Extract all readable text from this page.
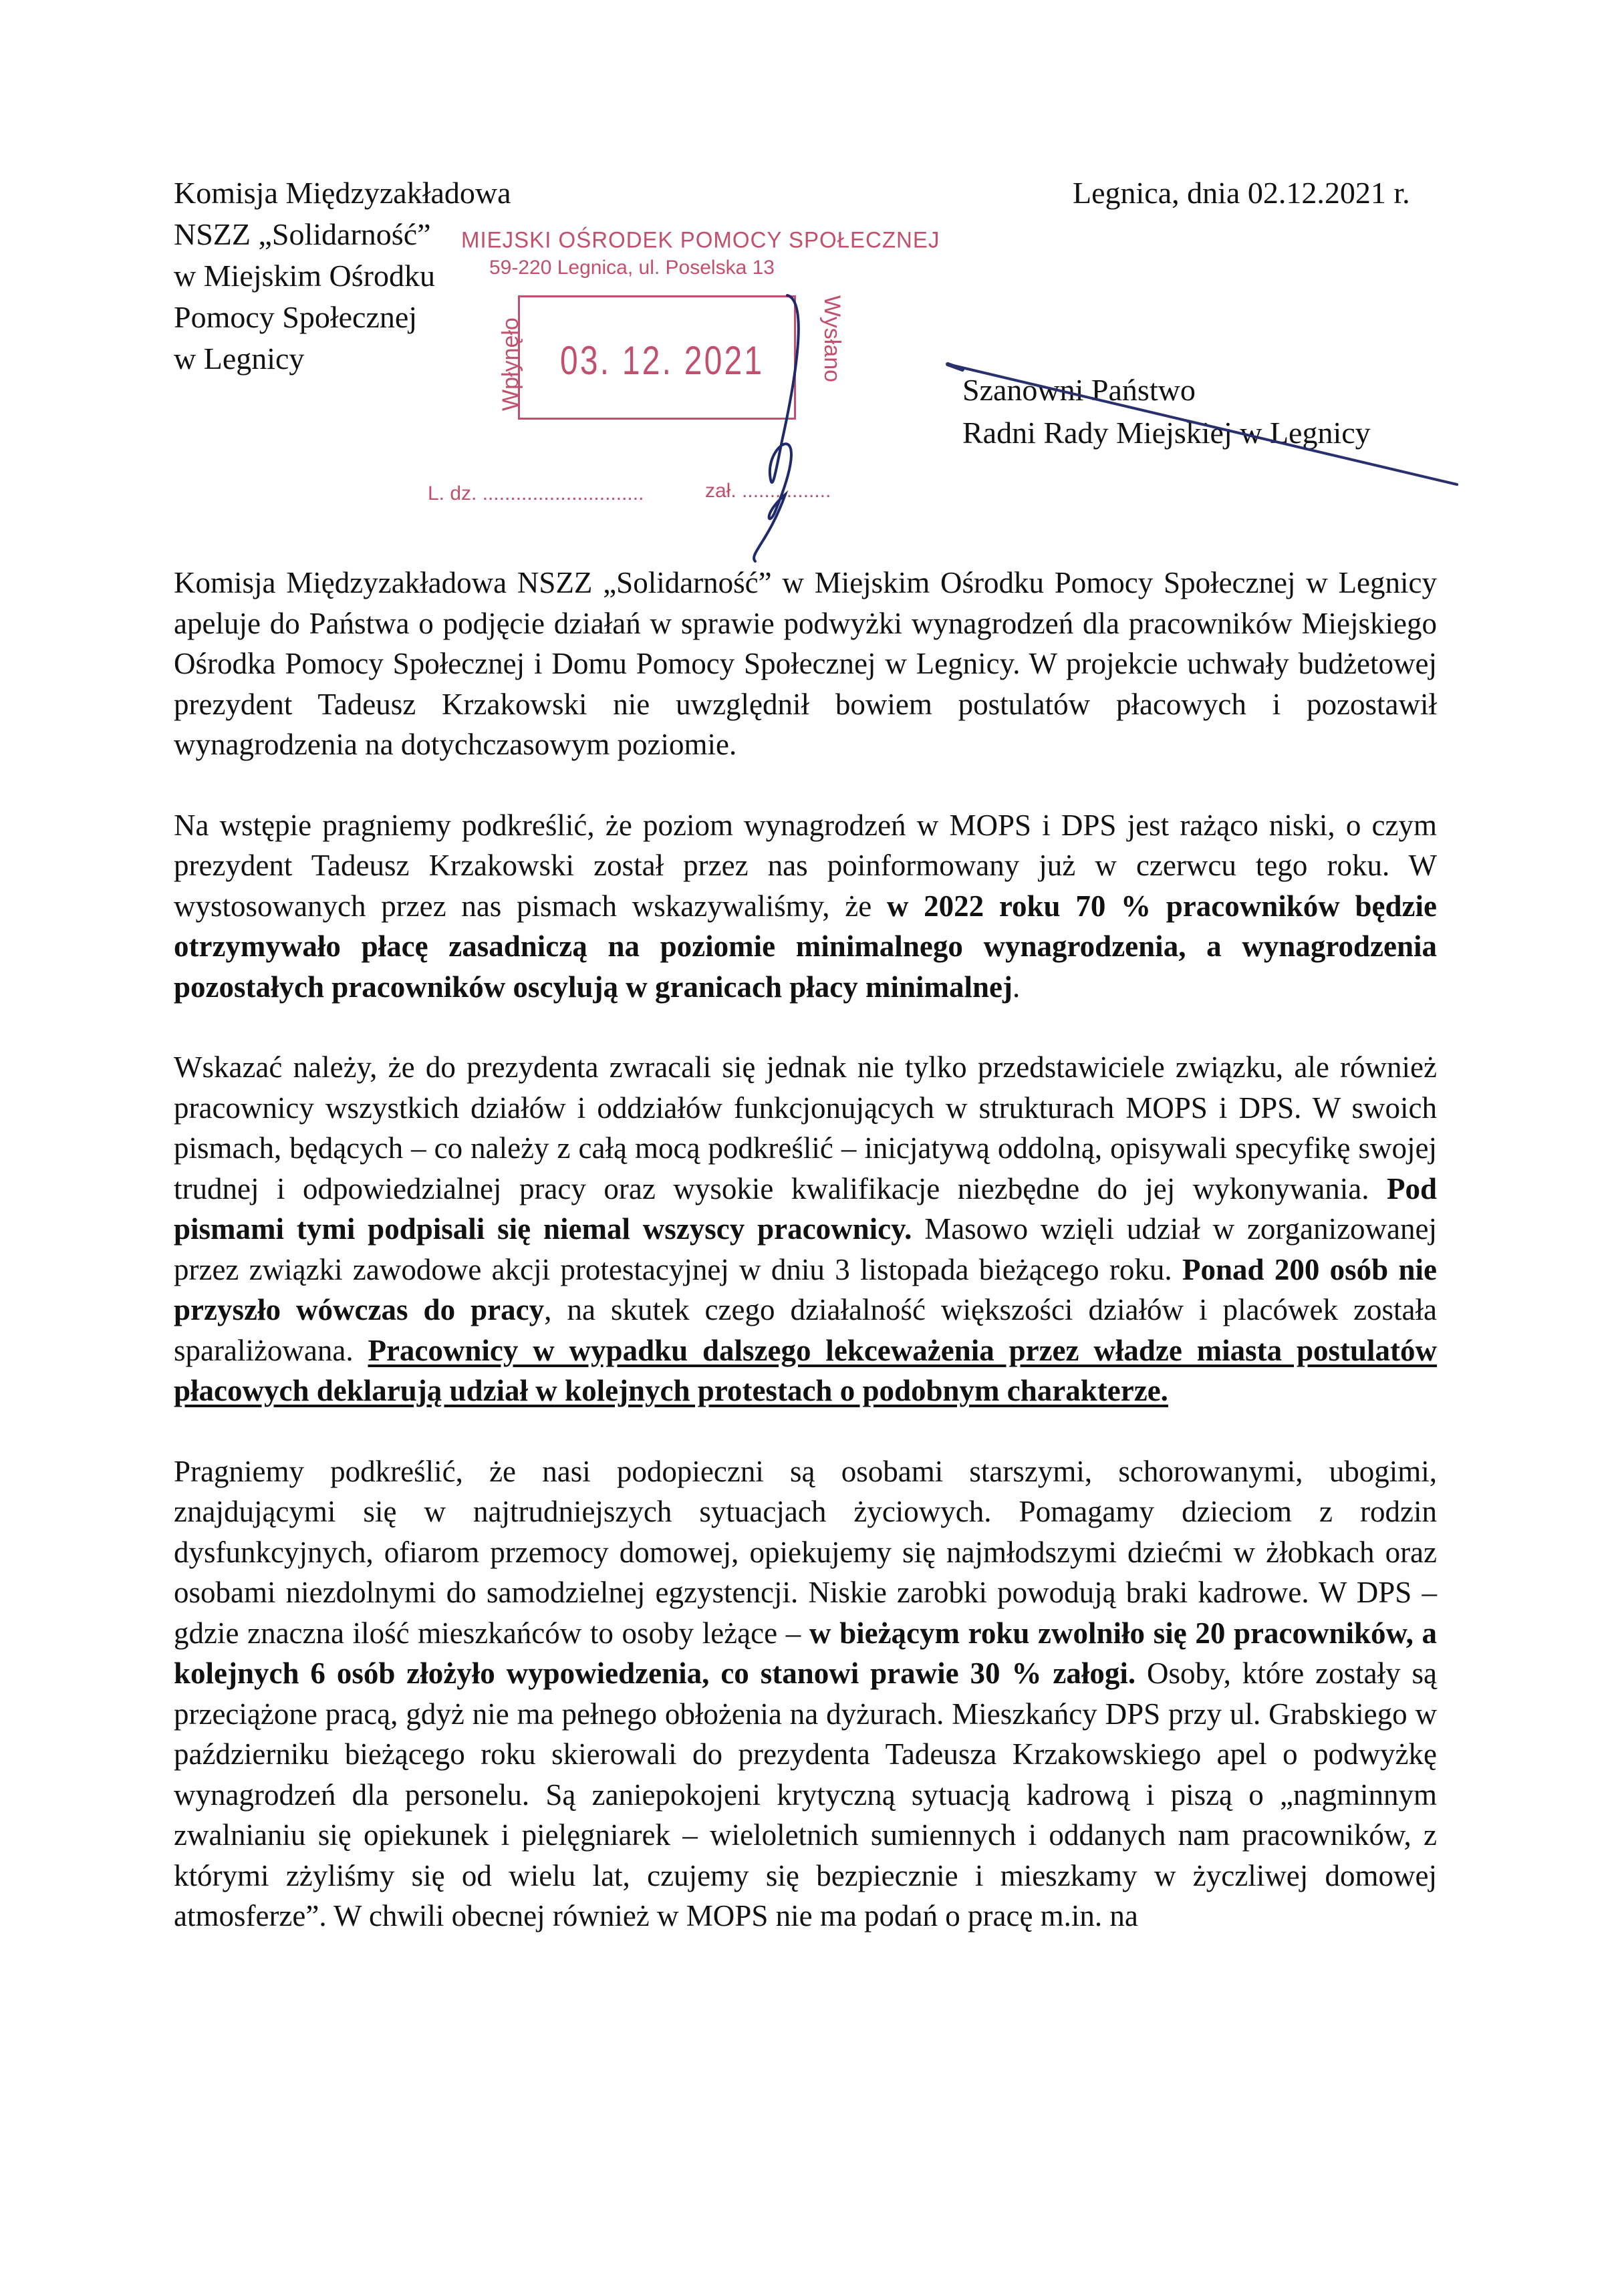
Komisja Międzyzakładowa
NSZZ „Solidarność”
w Miejskim Ośrodku
Pomocy Społecznej
w Legnicy
Legnica, dnia 02.12.2021 r.
MIEJSKI OŚRODEK POMOCY SPOŁECZNEJ
59-220 Legnica, ul. Poselska 13
Wpłynęło 03. 12. 2021 Wysłano
L. dz. .............................	zał. ................
Szanowni Państwo
Radni Rady Miejskiej w Legnicy

Komisja Międzyzakładowa NSZZ „Solidarność” w Miejskim Ośrodku Pomocy Społecznej w Legnicy apeluje do Państwa o podjęcie działań w sprawie podwyżki wynagrodzeń dla pracowników Miejskiego Ośrodka Pomocy Społecznej i Domu Pomocy Społecznej w Legnicy. W projekcie uchwały budżetowej prezydent Tadeusz Krzakowski nie uwzględnił bowiem postulatów płacowych i pozostawił wynagrodzenia na dotychczasowym poziomie.

Na wstępie pragniemy podkreślić, że poziom wynagrodzeń w MOPS i DPS jest rażąco niski, o czym prezydent Tadeusz Krzakowski został przez nas poinformowany już w czerwcu tego roku. W wystosowanych przez nas pismach wskazywaliśmy, że w 2022 roku 70 % pracowników będzie otrzymywało płacę zasadniczą na poziomie minimalnego wynagrodzenia, a wynagrodzenia pozostałych pracowników oscylują w granicach płacy minimalnej.

Wskazać należy, że do prezydenta zwracali się jednak nie tylko przedstawiciele związku, ale również pracownicy wszystkich działów i oddziałów funkcjonujących w strukturach MOPS i DPS. W swoich pismach, będących – co należy z całą mocą podkreślić – inicjatywą oddolną, opisywali specyfikę swojej trudnej i odpowiedzialnej pracy oraz wysokie kwalifikacje niezbędne do jej wykonywania. Pod pismami tymi podpisali się niemal wszyscy pracownicy. Masowo wzięli udział w zorganizowanej przez związki zawodowe akcji protestacyjnej w dniu 3 listopada bieżącego roku. Ponad 200 osób nie przyszło wówczas do pracy, na skutek czego działalność większości działów i placówek została sparaliżowana. Pracownicy w wypadku dalszego lekceważenia przez władze miasta postulatów płacowych deklarują udział w kolejnych protestach o podobnym charakterze.

Pragniemy podkreślić, że nasi podopieczni są osobami starszymi, schorowanymi, ubogimi, znajdującymi się w najtrudniejszych sytuacjach życiowych. Pomagamy dzieciom z rodzin dysfunkcyjnych, ofiarom przemocy domowej, opiekujemy się najmłodszymi dziećmi w żłobkach oraz osobami niezdolnymi do samodzielnej egzystencji. Niskie zarobki powodują braki kadrowe. W DPS – gdzie znaczna ilość mieszkańców to osoby leżące – w bieżącym roku zwolniło się 20 pracowników, a kolejnych 6 osób złożyło wypowiedzenia, co stanowi prawie 30 % załogi. Osoby, które zostały są przeciążone pracą, gdyż nie ma pełnego obłożenia na dyżurach. Mieszkańcy DPS przy ul. Grabskiego w październiku bieżącego roku skierowali do prezydenta Tadeusza Krzakowskiego apel o podwyżkę wynagrodzeń dla personelu. Są zaniepokojeni krytyczną sytuacją kadrową i piszą o „nagminnym zwalnianiu się opiekunek i pielęgniarek – wieloletnich sumiennych i oddanych nam pracowników, z którymi zżyliśmy się od wielu lat, czujemy się bezpiecznie i mieszkamy w życzliwej domowej atmosferze”. W chwili obecnej również w MOPS nie ma podań o pracę m.in. na
